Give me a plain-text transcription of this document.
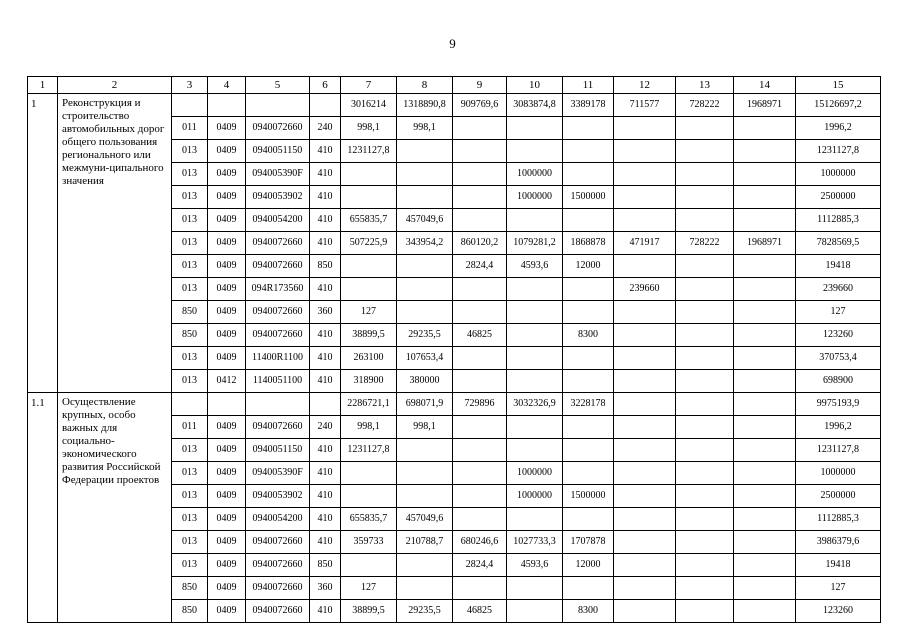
9
1	2	3	4	5	6	7	8	9	10	11	12	13	14	15
1	Реконструкция и строительство автомобильных дорог общего пользования регионального или межмуни-ципального значения					3016214	1318890,8	909769,6	3083874,8	3389178	711577	728222	1968971	15126697,2
		011	0409	0940072660	240	998,1	998,1							1996,2
		013	0409	0940051150	410	1231127,8								1231127,8
		013	0409	094005390F	410				1000000					1000000
		013	0409	0940053902	410				1000000	1500000				2500000
		013	0409	0940054200	410	655835,7	457049,6							1112885,3
		013	0409	0940072660	410	507225,9	343954,2	860120,2	1079281,2	1868878	471917	728222	1968971	7828569,5
		013	0409	0940072660	850			2824,4	4593,6	12000				19418
		013	0409	094R173560	410						239660			239660
		850	0409	0940072660	360	127								127
		850	0409	0940072660	410	38899,5	29235,5	46825		8300				123260
		013	0409	11400R1100	410	263100	107653,4							370753,4
		013	0412	1140051100	410	318900	380000							698900
1.1	Осуществление крупных, особо важных для социально-экономического развития Российской Федерации проектов					2286721,1	698071,9	729896	3032326,9	3228178				9975193,9
		011	0409	0940072660	240	998,1	998,1							1996,2
		013	0409	0940051150	410	1231127,8								1231127,8
		013	0409	094005390F	410				1000000					1000000
		013	0409	0940053902	410				1000000	1500000				2500000
		013	0409	0940054200	410	655835,7	457049,6							1112885,3
		013	0409	0940072660	410	359733	210788,7	680246,6	1027733,3	1707878				3986379,6
		013	0409	0940072660	850			2824,4	4593,6	12000				19418
		850	0409	0940072660	360	127								127
		850	0409	0940072660	410	38899,5	29235,5	46825		8300				123260
